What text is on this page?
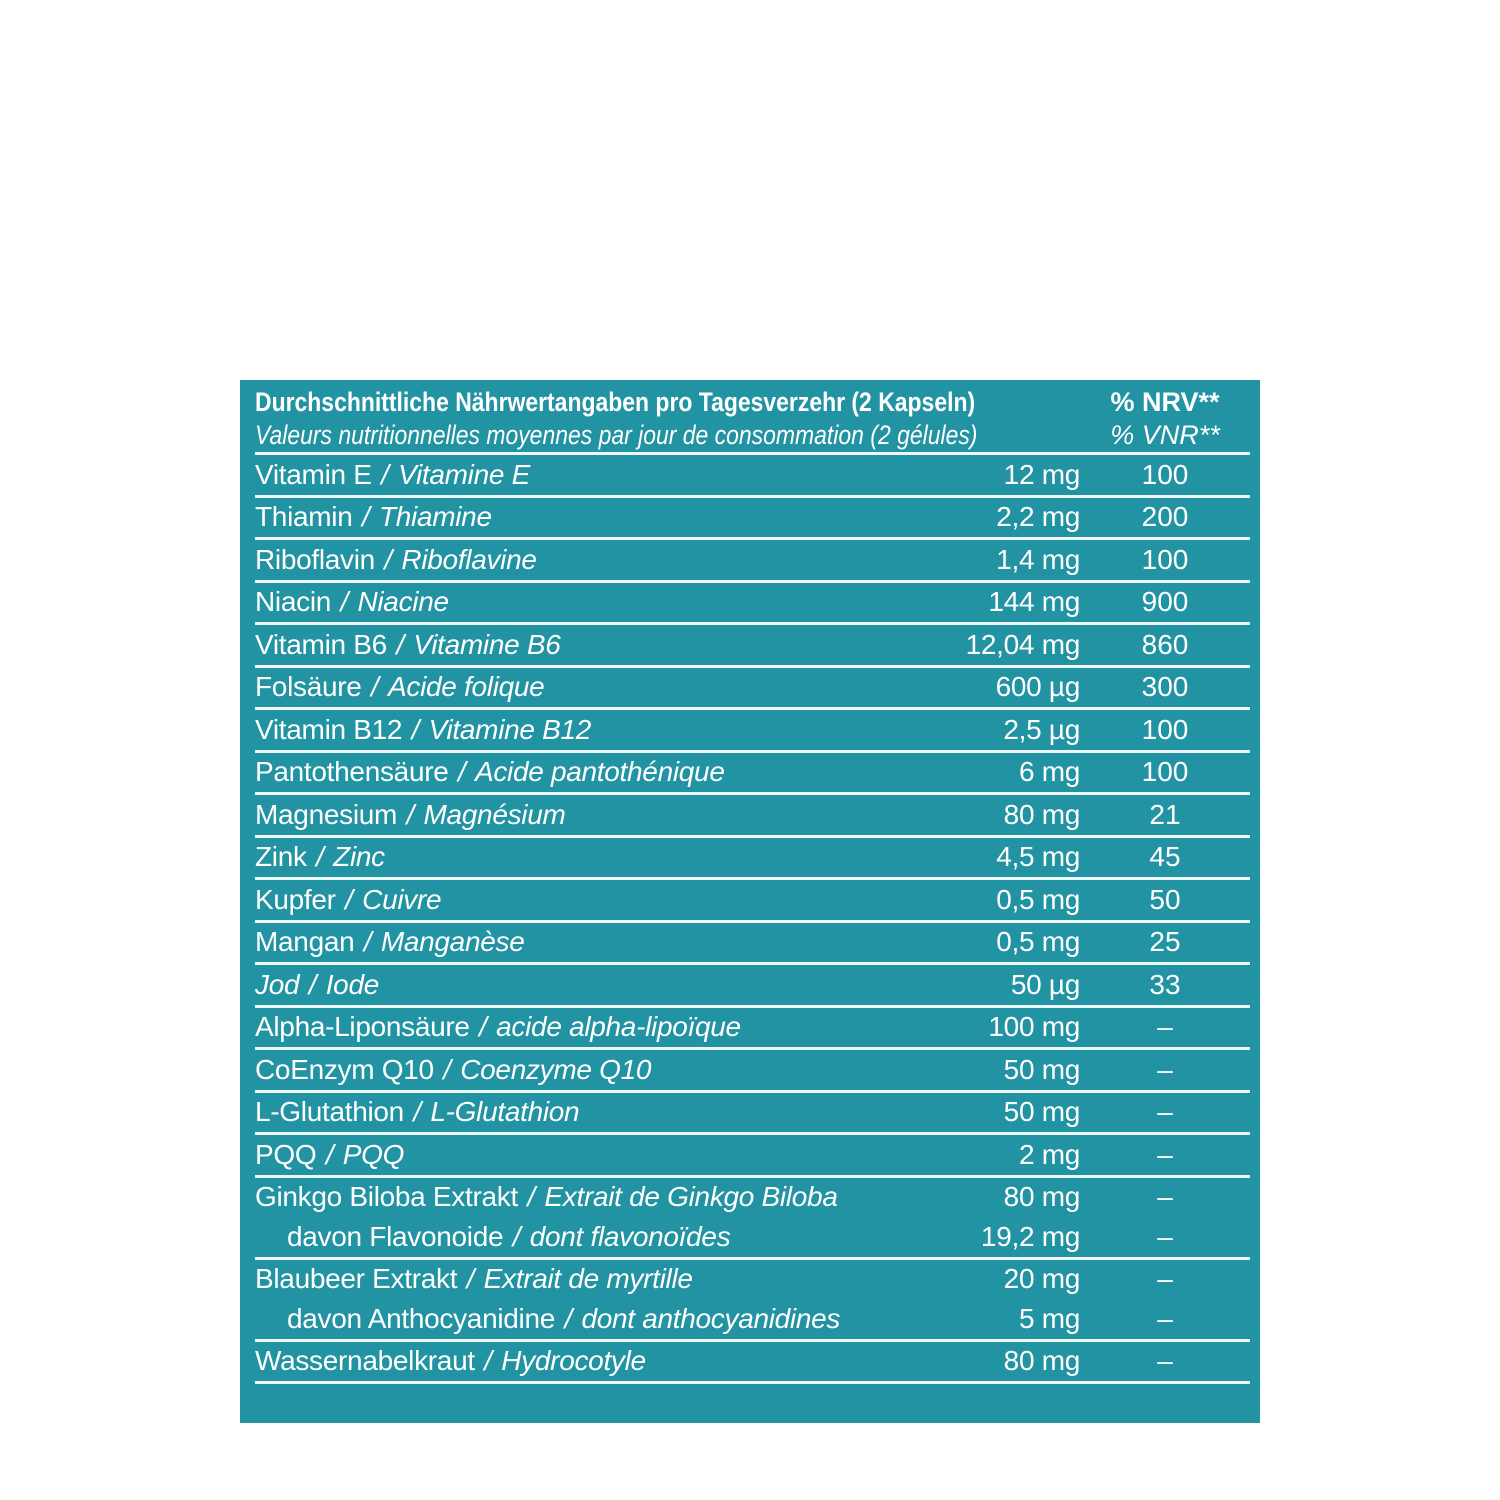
Durchschnittliche Nährwertangaben pro Tagesverzehr (2 Kapseln)
Valeurs nutritionnelles moyennes par jour de consommation (2 gélules)
% NRV**
% VNR**
Vitamin E / Vitamine E	12 mg	100
Thiamin / Thiamine	2,2 mg	200
Riboflavin / Riboflavine	1,4 mg	100
Niacin / Niacine	144 mg	900
Vitamin B6 / Vitamine B6	12,04 mg	860
Folsäure / Acide folique	600 µg	300
Vitamin B12 / Vitamine B12	2,5 µg	100
Pantothensäure / Acide pantothénique	6 mg	100
Magnesium / Magnésium	80 mg	21
Zink / Zinc	4,5 mg	45
Kupfer / Cuivre	0,5 mg	50
Mangan / Manganèse	0,5 mg	25
Jod / Iode	50 µg	33
Alpha-Liponsäure / acide alpha-lipoïque	100 mg	–
CoEnzym Q10 / Coenzyme Q10	50 mg	–
L-Glutathion / L-Glutathion	50 mg	–
PQQ / PQQ	2 mg	–
Ginkgo Biloba Extrakt / Extrait de Ginkgo Biloba	80 mg	–
davon Flavonoide / dont flavonoïdes	19,2 mg	–
Blaubeer Extrakt / Extrait de myrtille	20 mg	–
davon Anthocyanidine / dont anthocyanidines	5 mg	–
Wassernabelkraut / Hydrocotyle	80 mg	–
